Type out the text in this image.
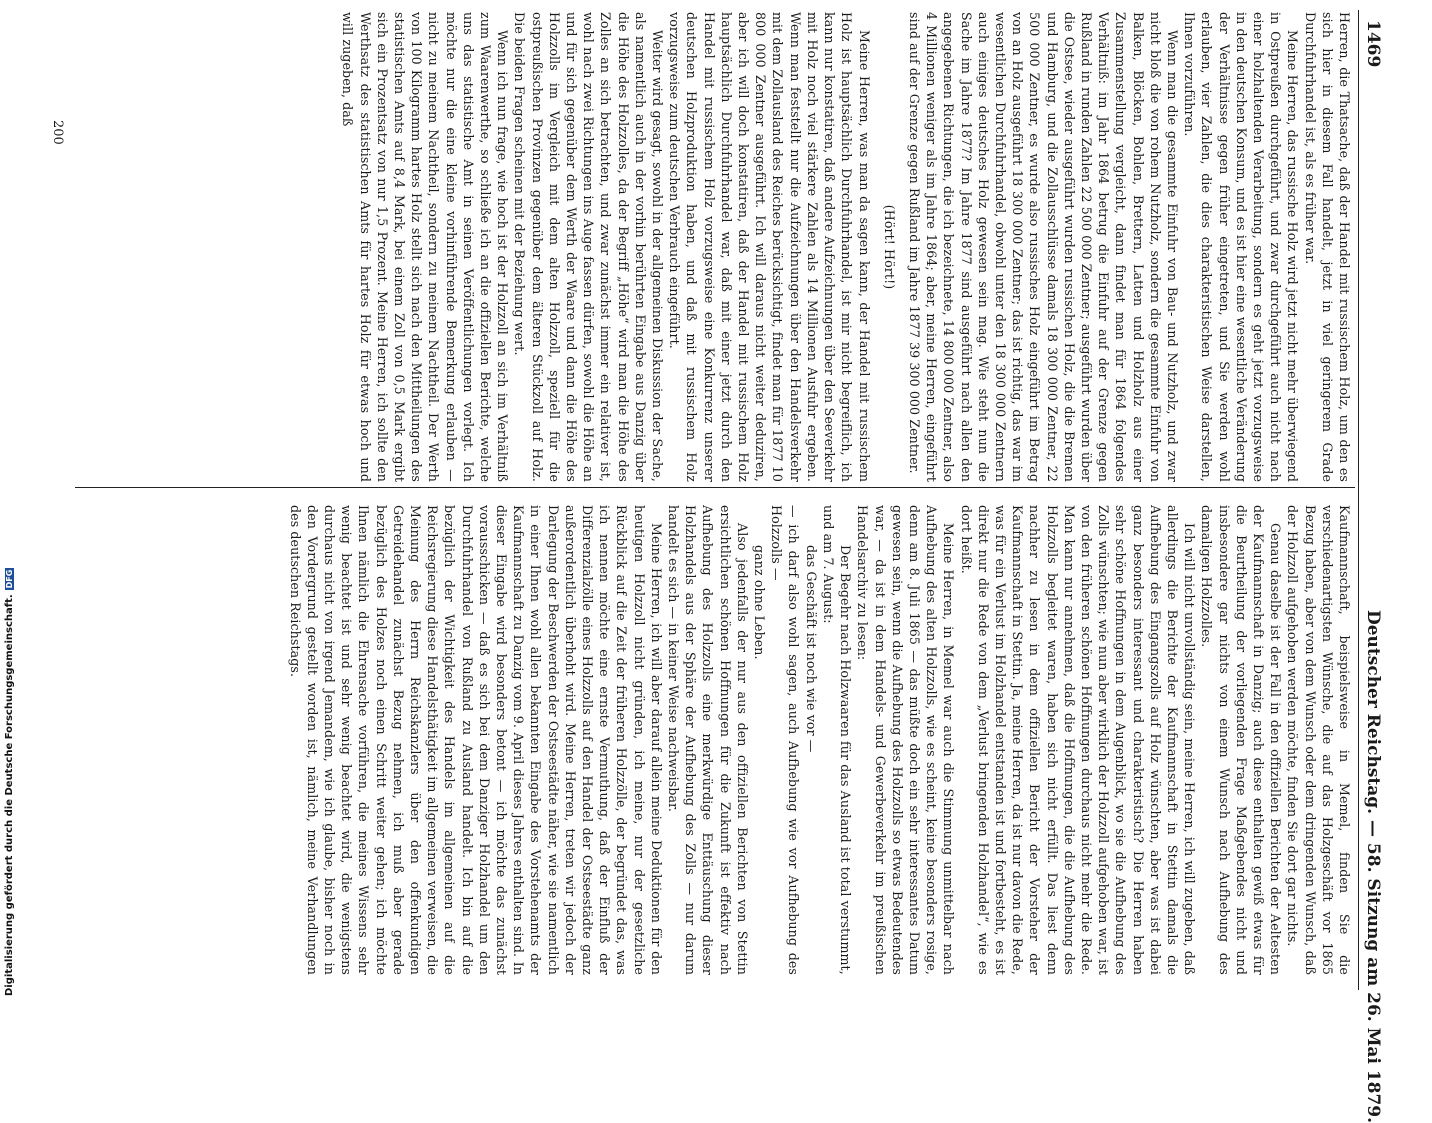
Deutscher Reichstag. — 58. Sitzung am 26. Mai 1879.
1469

Kaufmannschaft, beispielsweise in Memel, finden Sie die verschiedenartigsten Wünsche, die auf das Holzgeschäft vor 1865 Bezug haben, aber von dem Wunsch oder dem dringenden Wunsch, daß der Holzzoll aufgehoben werden möchte, finden Sie dort gar nichts.

Genau daselbe ist der Fall in den offiziellen Berichten der Aeltesten der Kaufmannschaft in Danzig; auch diese enthalten gewiß etwas für die Beurtheilung der vorliegenden Frage Maßgebendes nicht und insbesondere gar nichts von einem Wunsch nach Aufhebung des damaligen Holzzolles.

Ich will nicht unvollständig sein, meine Herren, ich will zugeben, daß allerdings die Berichte der Kaufmannschaft in Stettin damals die Aufhebung des Eingangszolls auf Holz wünschten, aber was ist dabei ganz besonders interessant und charakteristisch? Die Herren haben sehr schöne Hoffnungen in dem Augenblick, wo sie die Aufhebung des Zolls wünschten; wie nun aber wirklich der Holzzoll aufgehoben war, ist von den früheren schönen Hoffnungen durchaus nicht mehr die Rede. Man kann nur annehmen, daß die Hoffnungen, die die Aufhebung des Holzzolls begleitet waren, haben sich nicht erfüllt. Das liest denn nachher zu lesen in dem offiziellen Bericht der Vorsteher der Kaufmannschaft in Stettin. Ja, meine Herren, da ist nur davon die Rede, was für ein Verlust im Holzhandel entstanden ist und fortbesteht, es ist direkt nur die Rede von dem „Verlust bringenden Holzhandel“, wie es dort heißt.

Meine Herren, in Memel war auch die Stimmung unmittelbar nach Aufhebung des alten Holzzolls, wie es scheint, keine besonders rosige, denn am 8. Juli 1865 — das müßte doch ein sehr interessantes Datum gewesen sein, wenn die Aufhebung des Holzzolls so etwas Bedeutendes war, — da ist in dem Handels- und Gewerbeverkehr im preußischen Handelsarchiv zu lesen:

Der Begehr nach Holzwaaren für das Ausland ist total verstummt,

und am 7. August:

das Geschäft ist noch wie vor —

— ich darf also wohl sagen, auch Aufhebung wie vor Aufhebung des Holzzolls —

ganz ohne Leben.

Also jedenfalls der nur aus den offiziellen Berichten von Stettin ersichtlichen schönen Hoffnungen für die Zukunft ist effektiv nach Aufhebung des Holzzolls eine merkwürdige Enttäuschung dieser Holzhandels aus der Sphäre der Aufhebung des Zolls — nur darum handelt es sich — in keiner Weise nachweisbar.

Meine Herren, ich will aber darauf allein meine Deduktionen für den heutigen Holzzoll nicht gründen, ich meine, nur der gesetzliche Rückblick auf die Zeit der früheren Holzzölle, der begründet das, was ich nennen möchte eine ernste Vermuthung, daß der Einfluß der Differenzialzölle eines Holzzolls auf den Handel der Ostseestädte ganz außerordentlich überhoht wird. Meine Herren, treten wir jedoch der Darlegung der Beschwerden der Ostseestädte näher, wie sie namentlich in einer Ihnen wohl allen bekannten Eingabe des Vorstehenamts der Kaufmannschaft zu Danzig vom 9. April dieses Jahres enthalten sind. In dieser Eingabe wird besonders betont — ich möchte das zunächst vorausschicken — daß es sich bei dem Danziger Holzhandel um den Durchfuhrhandel von Rußland zu Ausland handelt. Ich bin auf die bezüglich der Wichtigkeit des Handels im allgemeinen auf die Reichsregierung diese Handelsthätigkeit im allgemeinen verweisen, die Meinung des Herrn Reichskanzlers über den offenkundigen Getreidehandel zunächst Bezug nehmen, ich muß aber gerade bezüglich des Holzes noch einen Schritt weiter gehen; ich möchte Ihnen nämlich die Ehrensache vorführen, die meines Wissens sehr wenig beachtet ist und sehr wenig beachtet wird, die wenigstens durchaus nicht von irgend Jemandem, wie ich glaube, bisher noch in den Vordergrund gestellt worden ist, nämlich, meine Verhandlungen des deutschen Reichstags.

Herren, die Thatsache, daß der Handel mit russischem Holz, um den es sich hier in diesem Fall handelt, jetzt in viel geringerem Grade Durchfuhrhandel ist, als es früher war.

Meine Herren, das russische Holz wird jetzt nicht mehr überwiegend in Ostpreußen durchgeführt, und zwar durchgeführt auch nicht nach einer holzhaltenden Verarbeitung, sondern es geht jetzt vorzugsweise in den deutschen Konsum, und es ist hier eine wesentliche Veränderung der Verhältnisse gegen früher eingetreten, und Sie werden wohl erlauben, vier Zahlen, die dies charakteristischen Weise darstellen, Ihnen vorzuführen.

Wenn man die gesammte Einfuhr von Bau- und Nutzholz, und zwar nicht bloß die von rohem Nutzholz, sondern die gesammte Einfuhr von Balken, Blöcken, Bohlen, Brettern, Latten und Holzholz aus einer Zusammenstellung vergleicht, dann findet man für 1864 folgendes Verhältniß: im Jahr 1864 betrug die Einfuhr auf der Grenze gegen Rußland in runden Zahlen 22 500 000 Zentner; ausgeführt wurden über die Ostsee, wieder ausgeführt wurden russischen Holz, die die Bremen und Hamburg, und die Zollausschlüsse damals 18 300 000 Zentner, 22 500 000 Zentner, es wurde also russisches Holz eingeführt im Betrag von an Holz ausgeführt 18 300 000 Zentner; das ist richtig, das war im wesentlichen Durchfuhrhandel, obwohl unter den 18 300 000 Zentnern auch einiges deutsches Holz gewesen sein mag. Wie steht nun die Sache im Jahre 1877? Im Jahre 1877 sind ausgeführt nach allen den angegebenen Richtungen, die ich bezeichnete, 14 800 000 Zentner, also 4 Millionen weniger als im Jahre 1864; aber, meine Herren, eingeführt sind auf der Grenze gegen Rußland im Jahre 1877 39 300 000 Zentner.

(Hört! Hört!)

Meine Herren, was man da sagen kann, der Handel mit russischem Holz ist hauptsächlich Durchfuhrhandel, ist mir nicht begreiflich, ich kann nur konstatiren, daß andere Aufzeichnungen über den Seeverkehr mit Holz noch viel stärkere Zahlen als 14 Millionen Ausfuhr ergeben. Wenn man feststellt nur die Aufzeichnungen über den Handelsverkehr mit dem Zollausland des Reiches berücksichtigt, findet man für 1877 10 800 000 Zentner ausgeführt. Ich will daraus nicht weiter deduziren, aber ich will doch konstatiren, daß der Handel mit russischem Holz hauptsächlich Durchfuhrhandel war, daß mit einer jetzt durch den Handel mit russischem Holz vorzugsweise eine Konkurrenz unserer deutschen Holzproduktion haben, und daß mit russischem Holz vorzugsweise zum deutschen Verbrauch eingeführt.

Weiter wird gesagt, sowohl in der allgemeinen Diskussion der Sache, als namentlich auch in der vorhin berührten Eingabe aus Danzig über die Höhe des Holzzolles, da der Begriff „Höhe“ wird man die Höhe des Zolles an sich betrachten, und zwar zunächst immer ein relativer ist, wohl nach zwei Richtungen ins Auge fassen dürfen, sowohl die Höhe an und für sich gegenüber dem Werth der Waare und dann die Höhe des Holzzolls im Vergleich mit dem alten Holzzoll, speziell für die ostpreußischen Provinzen gegenüber dem älteren Stückzoll auf Holz. Die beiden Fragen scheinen mit der Beziehung wert.

Wenn ich nun frage, wie hoch ist der Holzzoll an sich im Verhältniß zum Waarenwerthe, so schließe ich an die offiziellen Berichte, welche uns das statistische Amt in seinen Veröffentlichungen vorlegt. Ich möchte nur die eine kleine vorhinführende Bemerkung erlauben — nicht zu meinem Nachtheil, sondern zu meinem Nachtheil. Der Werth von 100 Kilogramm hartes Holz stellt sich nach den Mittheilungen des statistischen Amts auf 8,4 Mark, bei einem Zoll von 0,5 Mark ergibt sich ein Prozentsatz von nur 1,5 Prozent. Meine Herren, ich sollte den Werthsatz des statistischen Amts für hartes Holz für etwas hoch und will zugeben, daß

200
Digitalisierung gefördert durch die Deutsche Forschungsgemeinschaft.DFG
